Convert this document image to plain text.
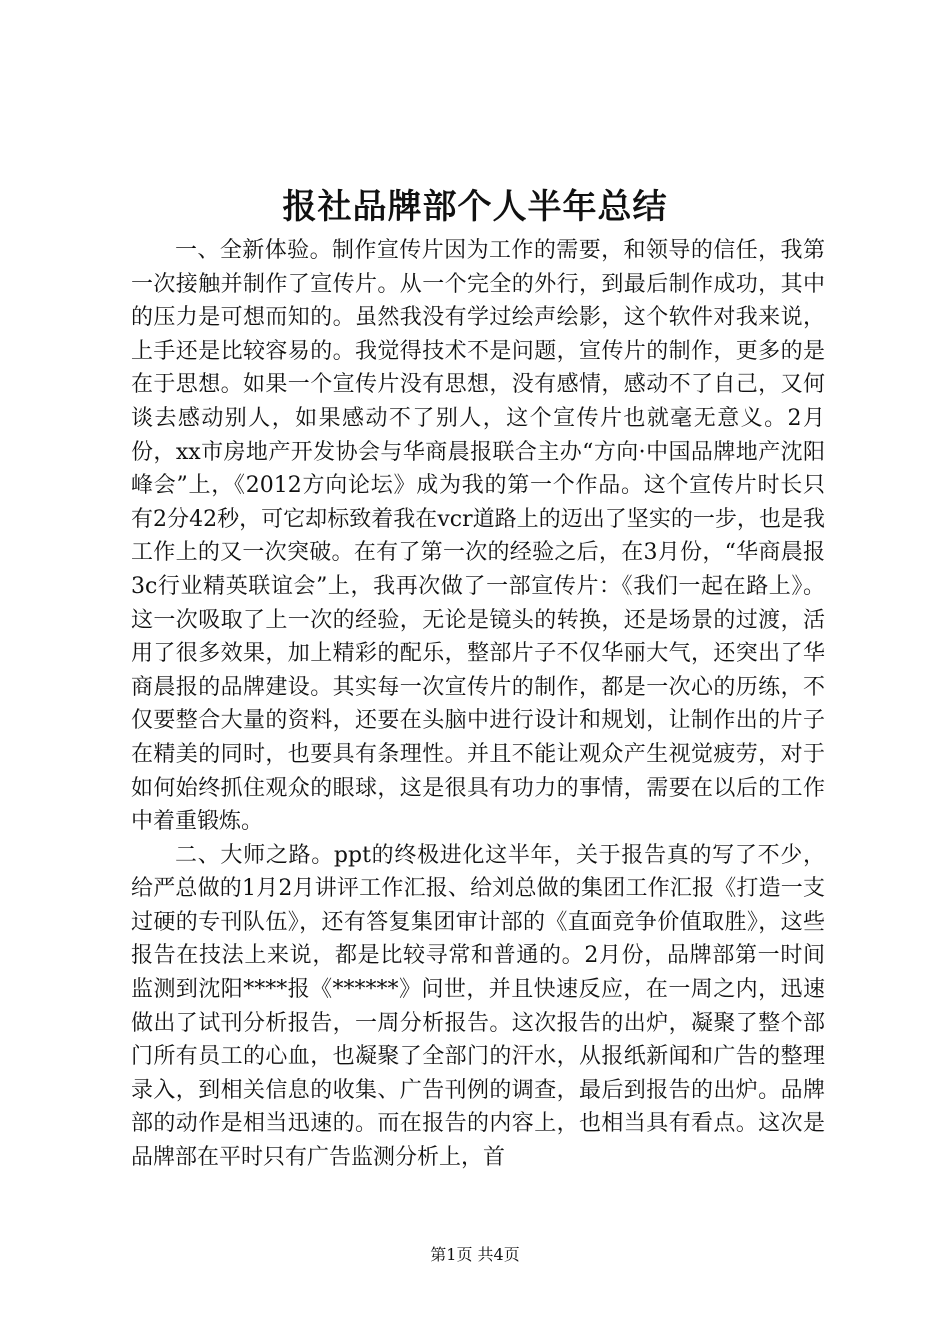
报社品牌部个人半年总结

一、全新体验。制作宣传片因为工作的需要，和领导的信任，我第一次接触并制作了宣传片。从一个完全的外行，到最后制作成功，其中的压力是可想而知的。虽然我没有学过绘声绘影，这个软件对我来说，上手还是比较容易的。我觉得技术不是问题，宣传片的制作，更多的是在于思想。如果一个宣传片没有思想，没有感情，感动不了自己，又何谈去感动别人，如果感动不了别人，这个宣传片也就毫无意义。2月份，xx市房地产开发协会与华商晨报联合主办“方向·中国品牌地产沈阳峰会”上，《2012方向论坛》成为我的第一个作品。这个宣传片时长只有2分42秒，可它却标致着我在vcr道路上的迈出了坚实的一步，也是我工作上的又一次突破。在有了第一次的经验之后，在3月份，“华商晨报3c行业精英联谊会”上，我再次做了一部宣传片：《我们一起在路上》。这一次吸取了上一次的经验，无论是镜头的转换，还是场景的过渡，活用了很多效果，加上精彩的配乐，整部片子不仅华丽大气，还突出了华商晨报的品牌建设。其实每一次宣传片的制作，都是一次心的历练，不仅要整合大量的资料，还要在头脑中进行设计和规划，让制作出的片子在精美的同时，也要具有条理性。并且不能让观众产生视觉疲劳，对于如何始终抓住观众的眼球，这是很具有功力的事情，需要在以后的工作中着重锻炼。

二、大师之路。ppt的终极进化这半年，关于报告真的写了不少，给严总做的1月2月讲评工作汇报、给刘总做的集团工作汇报《打造一支过硬的专刊队伍》，还有答复集团审计部的《直面竞争价值取胜》，这些报告在技法上来说，都是比较寻常和普通的。2月份，品牌部第一时间监测到沈阳****报《******》问世，并且快速反应，在一周之内，迅速做出了试刊分析报告，一周分析报告。这次报告的出炉，凝聚了整个部门所有员工的心血，也凝聚了全部门的汗水，从报纸新闻和广告的整理录入，到相关信息的收集、广告刊例的调查，最后到报告的出炉。品牌部的动作是相当迅速的。而在报告的内容上，也相当具有看点。这次是品牌部在平时只有广告监测分析上，首

第1页 共4页
